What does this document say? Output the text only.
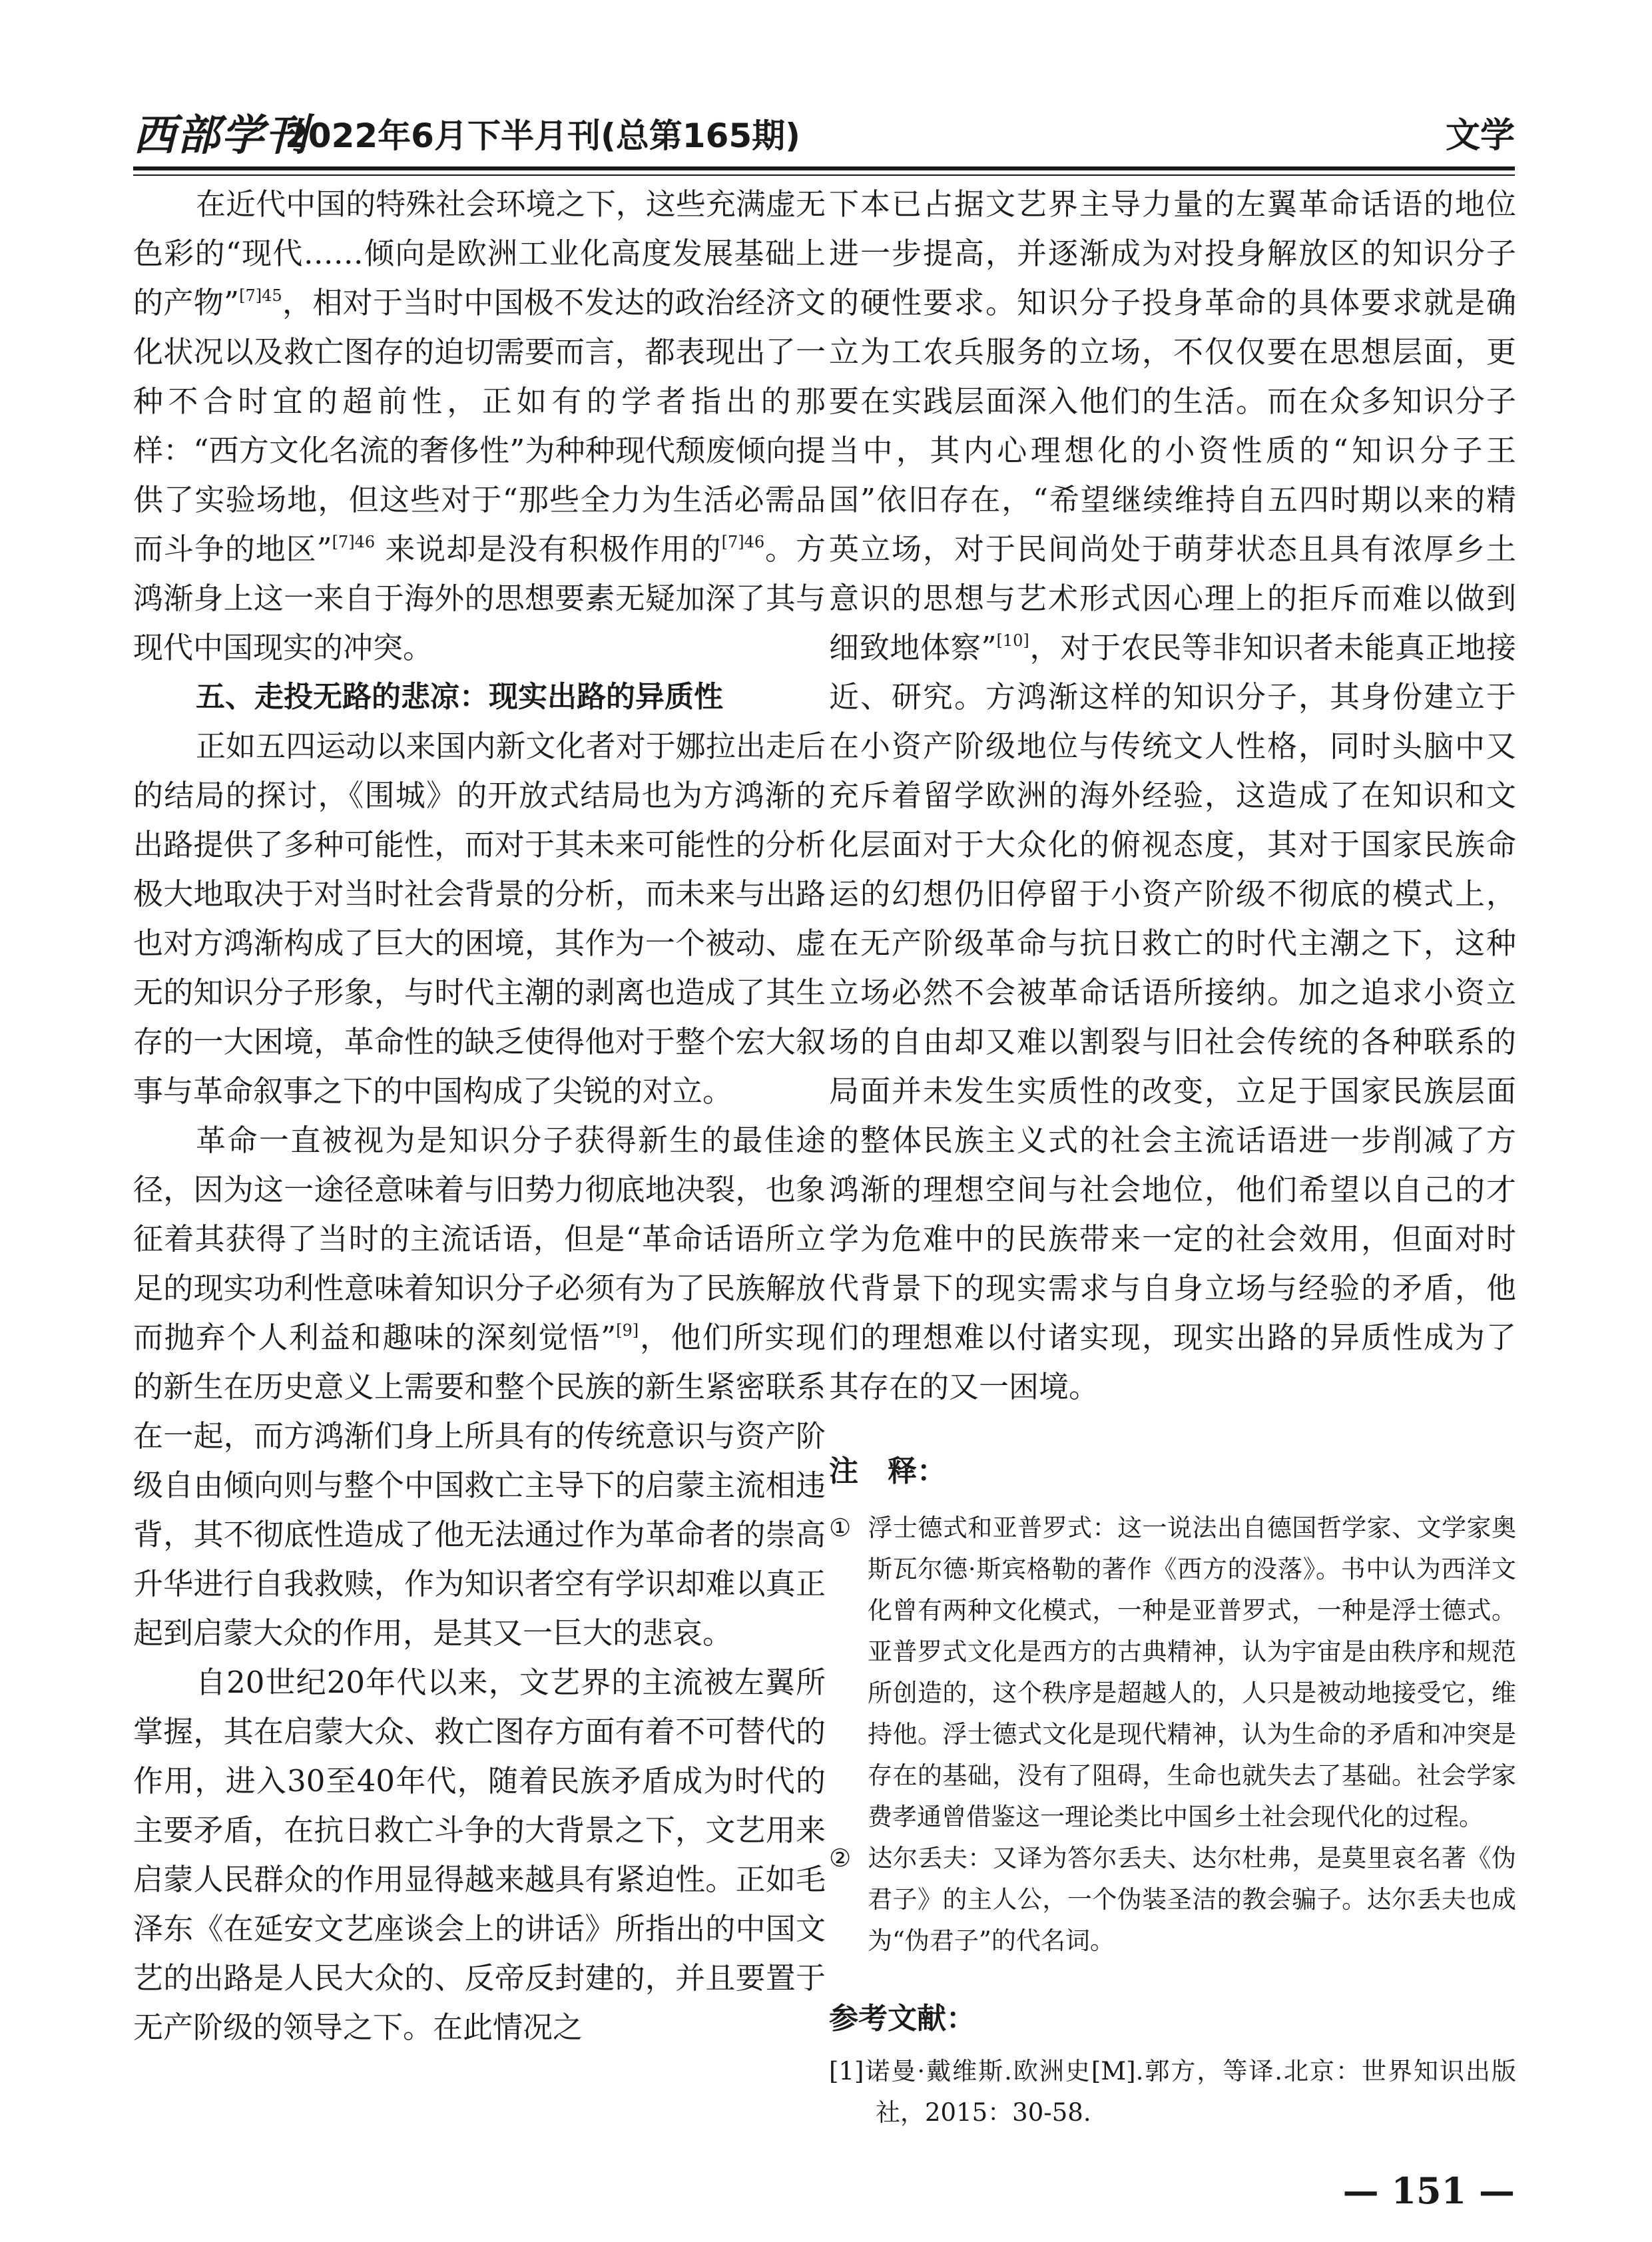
西部学刊
2022年6月下半月刊(总第165期)	文学

在近代中国的特殊社会环境之下，这些充满虚无色彩的“现代……倾向是欧洲工业化高度发展基础上的产物”$^{[7]45}$，相对于当时中国极不发达的政治经济文化状况以及救亡图存的迫切需要而言，都表现出了一种不合时宜的超前性，正如有的学者指出的那样：“西方文化名流的奢侈性”为种种现代颓废倾向提供了实验场地，但这些对于“那些全力为生活必需品而斗争的地区”$^{[7]46}$ 来说却是没有积极作用的$^{[7]46}$。方鸿渐身上这一来自于海外的思想要素无疑加深了其与现代中国现实的冲突。

五、走投无路的悲凉：现实出路的异质性

正如五四运动以来国内新文化者对于娜拉出走后的结局的探讨，《围城》的开放式结局也为方鸿渐的出路提供了多种可能性，而对于其未来可能性的分析极大地取决于对当时社会背景的分析，而未来与出路也对方鸿渐构成了巨大的困境，其作为一个被动、虚无的知识分子形象，与时代主潮的剥离也造成了其生存的一大困境，革命性的缺乏使得他对于整个宏大叙事与革命叙事之下的中国构成了尖锐的对立。

革命一直被视为是知识分子获得新生的最佳途径，因为这一途径意味着与旧势力彻底地决裂，也象征着其获得了当时的主流话语，但是“革命话语所立足的现实功利性意味着知识分子必须有为了民族解放而抛弃个人利益和趣味的深刻觉悟”[9]，他们所实现的新生在历史意义上需要和整个民族的新生紧密联系在一起，而方鸿渐们身上所具有的传统意识与资产阶级自由倾向则与整个中国救亡主导下的启蒙主流相违背，其不彻底性造成了他无法通过作为革命者的崇高升华进行自我救赎，作为知识者空有学识却难以真正起到启蒙大众的作用，是其又一巨大的悲哀。

自20世纪20年代以来，文艺界的主流被左翼所掌握，其在启蒙大众、救亡图存方面有着不可替代的作用，进入30至40年代，随着民族矛盾成为时代的主要矛盾，在抗日救亡斗争的大背景之下，文艺用来启蒙人民群众的作用显得越来越具有紧迫性。正如毛泽东《在延安文艺座谈会上的讲话》所指出的中国文艺的出路是人民大众的、反帝反封建的，并且要置于无产阶级的领导之下。在此情况之

下本已占据文艺界主导力量的左翼革命话语的地位进一步提高，并逐渐成为对投身解放区的知识分子的硬性要求。知识分子投身革命的具体要求就是确立为工农兵服务的立场，不仅仅要在思想层面，更要在实践层面深入他们的生活。而在众多知识分子当中，其内心理想化的小资性质的“知识分子王国”依旧存在，“希望继续维持自五四时期以来的精英立场，对于民间尚处于萌芽状态且具有浓厚乡土意识的思想与艺术形式因心理上的拒斥而难以做到细致地体察”[10]，对于农民等非知识者未能真正地接近、研究。方鸿渐这样的知识分子，其身份建立于在小资产阶级地位与传统文人性格，同时头脑中又充斥着留学欧洲的海外经验，这造成了在知识和文化层面对于大众化的俯视态度，其对于国家民族命运的幻想仍旧停留于小资产阶级不彻底的模式上，在无产阶级革命与抗日救亡的时代主潮之下，这种立场必然不会被革命话语所接纳。加之追求小资立场的自由却又难以割裂与旧社会传统的各种联系的局面并未发生实质性的改变，立足于国家民族层面的整体民族主义式的社会主流话语进一步削减了方鸿渐的理想空间与社会地位，他们希望以自己的才学为危难中的民族带来一定的社会效用，但面对时代背景下的现实需求与自身立场与经验的矛盾，他们的理想难以付诸实现，现实出路的异质性成为了其存在的又一困境。

注　释：

① 浮士德式和亚普罗式：这一说法出自德国哲学家、文学家奥斯瓦尔德·斯宾格勒的著作《西方的没落》。书中认为西洋文化曾有两种文化模式，一种是亚普罗式，一种是浮士德式。亚普罗式文化是西方的古典精神，认为宇宙是由秩序和规范所创造的，这个秩序是超越人的，人只是被动地接受它，维持他。浮士德式文化是现代精神，认为生命的矛盾和冲突是存在的基础，没有了阻碍，生命也就失去了基础。社会学家费孝通曾借鉴这一理论类比中国乡土社会现代化的过程。

② 达尔丢夫：又译为答尔丢夫、达尔杜弗，是莫里哀名著《伪君子》的主人公，一个伪装圣洁的教会骗子。达尔丢夫也成为“伪君子”的代名词。

参考文献：

[1]诺曼·戴维斯.欧洲史[M].郭方，等译.北京：世界知识出版社，2015：30-58.

— 151 —
